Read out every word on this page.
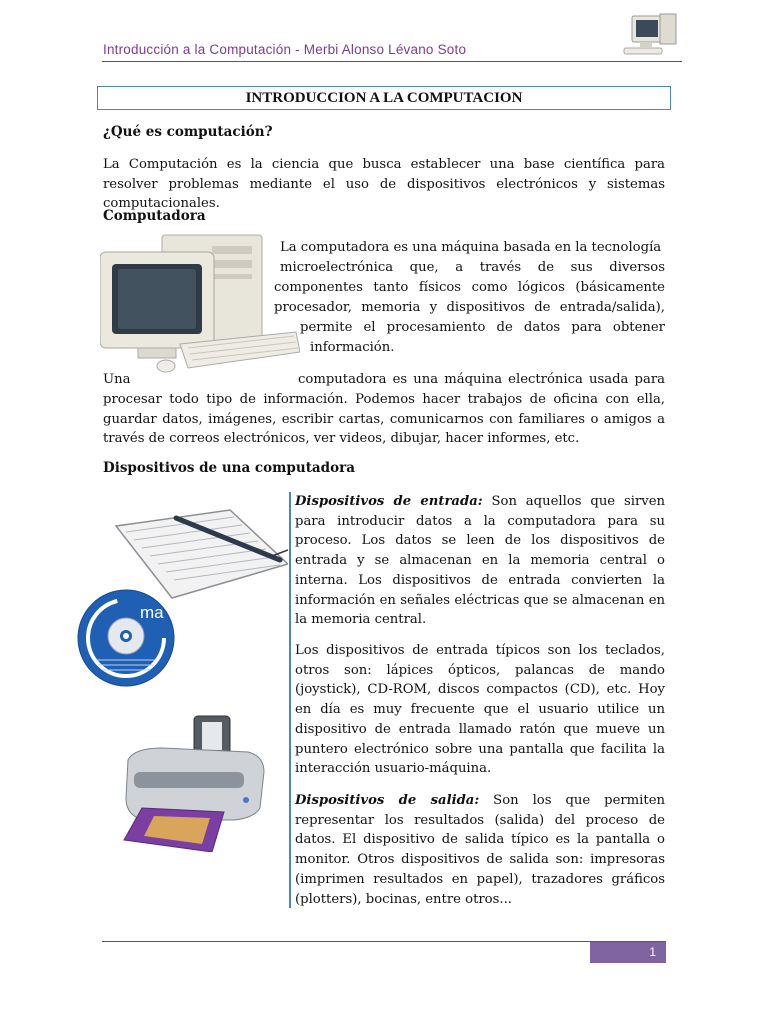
Introducción a la Computación - Merbi Alonso Lévano Soto
INTRODUCCION A LA COMPUTACION
¿Qué es computación?
La Computación es la ciencia que busca establecer una base científica para resolver problemas mediante el uso de dispositivos electrónicos y sistemas computacionales.
Computadora
La computadora es una máquina basada en la tecnología
microelectrónica que, a través de sus diversos
componentes tanto físicos como lógicos (básicamente
procesador, memoria y dispositivos de entrada/salida),
permite el procesamiento de datos para obtener
información.
Una	computadora es una máquina electrónica usada para
procesar todo tipo de información. Podemos hacer trabajos de oficina con ella, guardar datos, imágenes, escribir cartas, comunicarnos con familiares o amigos a través de correos electrónicos, ver videos, dibujar, hacer informes, etc.
Dispositivos de una computadora
ma
Dispositivos de entrada: Son aquellos que sirven para introducir datos a la computadora para su proceso. Los datos se leen de los dispositivos de entrada y se almacenan en la memoria central o interna. Los dispositivos de entrada convierten la información en señales eléctricas que se almacenan en la memoria central.
Los dispositivos de entrada típicos son los teclados, otros son: lápices ópticos, palancas de mando (joystick), CD-ROM, discos compactos (CD), etc. Hoy en día es muy frecuente que el usuario utilice un dispositivo de entrada llamado ratón que mueve un puntero electrónico sobre una pantalla que facilita la interacción usuario-máquina.
Dispositivos de salida: Son los que permiten representar los resultados (salida) del proceso de datos. El dispositivo de salida típico es la pantalla o monitor. Otros dispositivos de salida son: impresoras (imprimen resultados en papel), trazadores gráficos (plotters), bocinas, entre otros...
1
